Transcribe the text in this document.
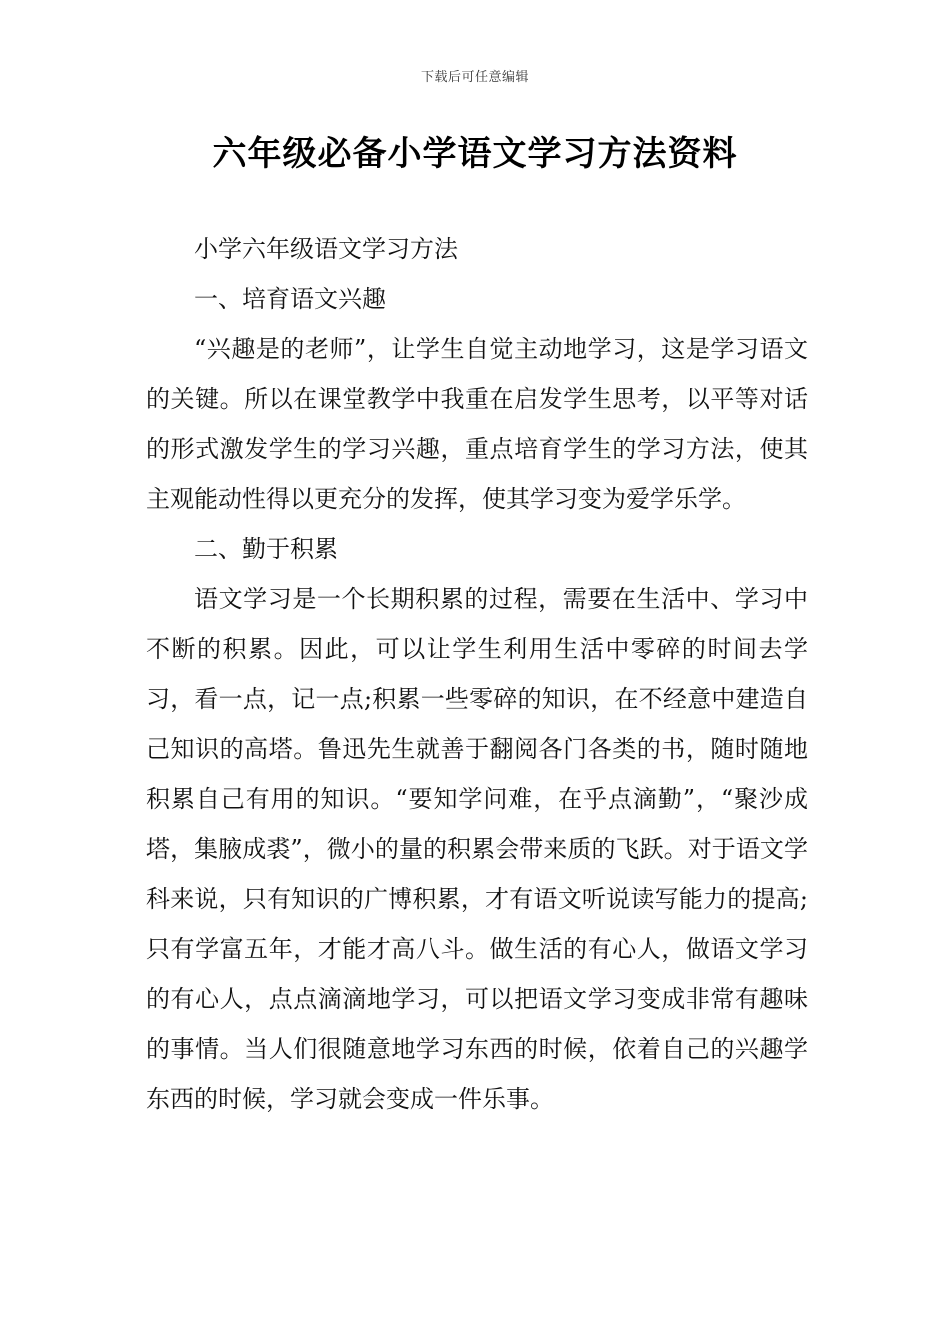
下载后可任意编辑
六年级必备小学语文学习方法资料

小学六年级语文学习方法

一、培育语文兴趣

“兴趣是的老师”，让学生自觉主动地学习，这是学习语文的关键。所以在课堂教学中我重在启发学生思考，以平等对话的形式激发学生的学习兴趣，重点培育学生的学习方法，使其主观能动性得以更充分的发挥，使其学习变为爱学乐学。

二、勤于积累

语文学习是一个长期积累的过程，需要在生活中、学习中不断的积累。因此，可以让学生利用生活中零碎的时间去学习，看一点，记一点;积累一些零碎的知识，在不经意中建造自己知识的高塔。鲁迅先生就善于翻阅各门各类的书，随时随地积累自己有用的知识。“要知学问难，在乎点滴勤”，“聚沙成塔，集腋成裘”，微小的量的积累会带来质的飞跃。对于语文学科来说，只有知识的广博积累，才有语文听说读写能力的提高;只有学富五年，才能才高八斗。做生活的有心人，做语文学习的有心人，点点滴滴地学习，可以把语文学习变成非常有趣味的事情。当人们很随意地学习东西的时候，依着自己的兴趣学东西的时候，学习就会变成一件乐事。
